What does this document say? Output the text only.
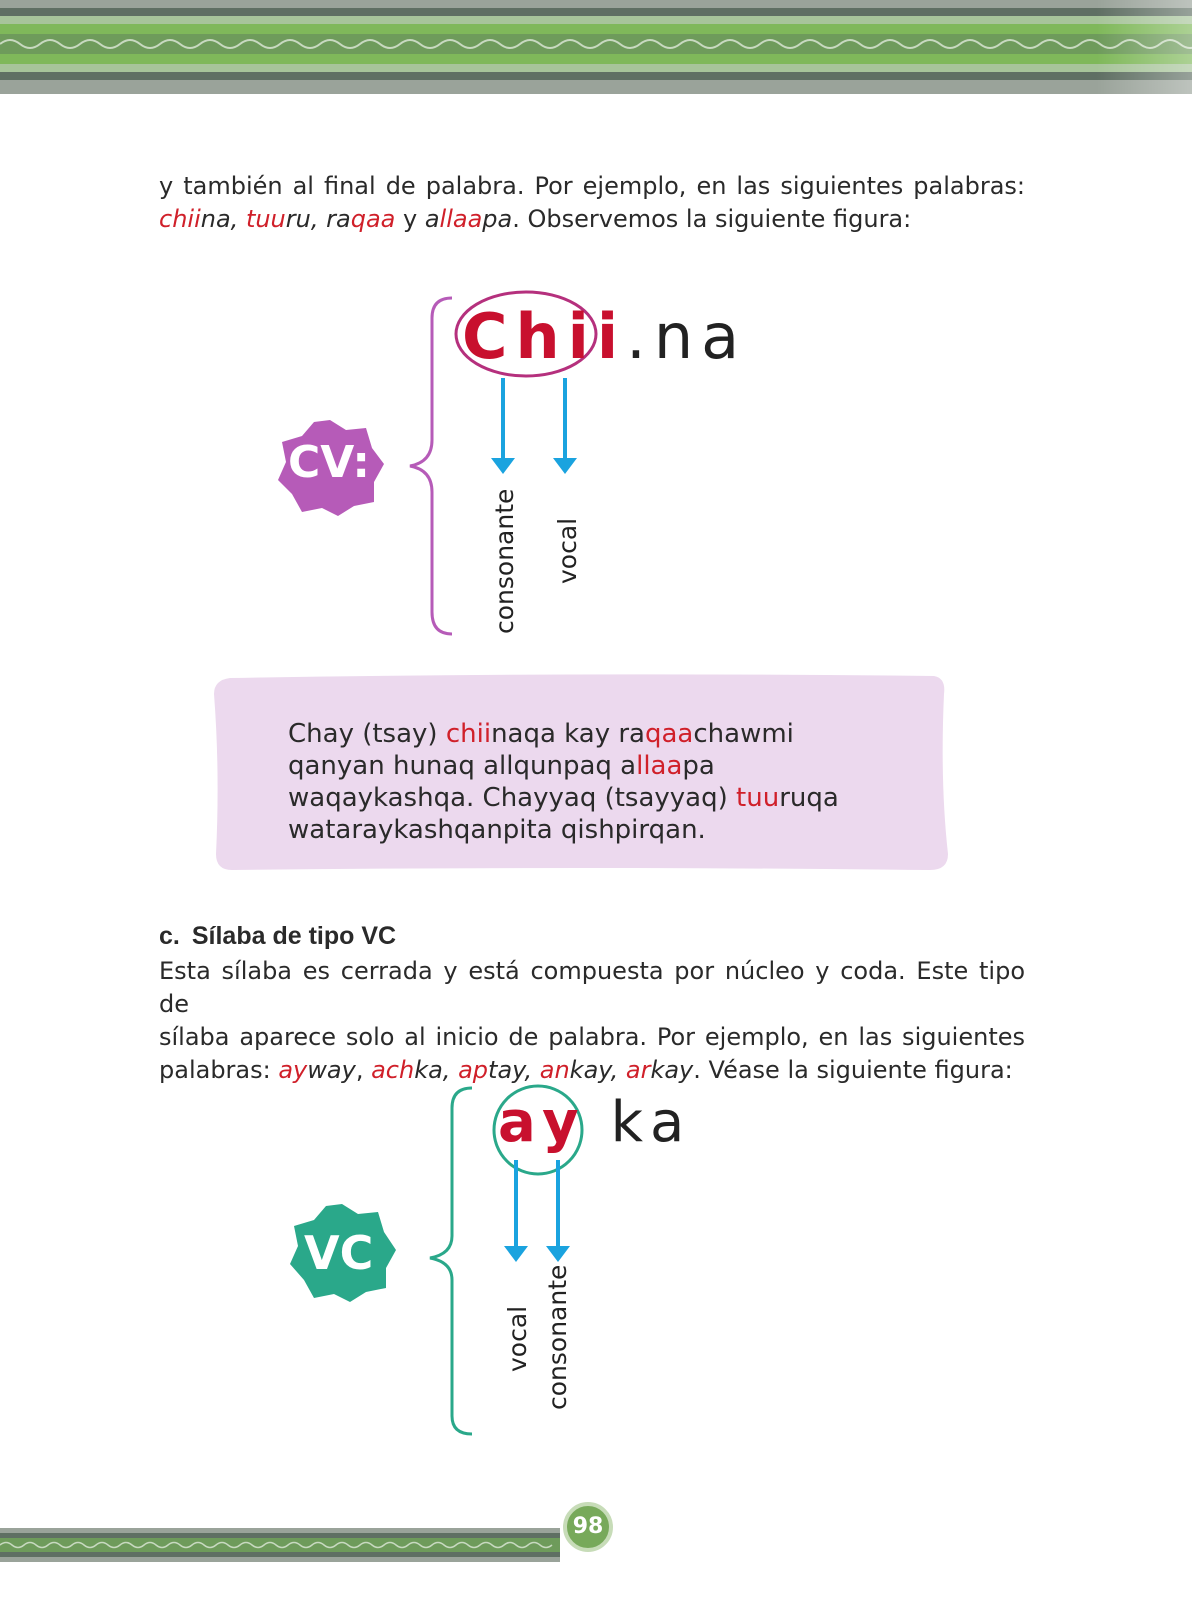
y también al final de palabra. Por ejemplo, en las siguientes palabras:
chiina, tuuru, raqaa y allaapa. Observemos la siguiente figura:
CV:
Chii.na
consonante vocal
Chay (tsay) chiinaqa kay raqaachawmi
qanyan hunaq allqunpaq allaapa
waqaykashqa. Chayyaq (tsayyaq) tuuruqa
wataraykashqanpita qishpirqan.
c. Sílaba de tipo VC
Esta sílaba es cerrada y está compuesta por núcleo y coda. Este tipo de
sílaba aparece solo al inicio de palabra. Por ejemplo, en las siguientes
palabras: ayway, achka, aptay, ankay, arkay. Véase la siguiente figura:
VC
ay ka
vocal consonante
98
